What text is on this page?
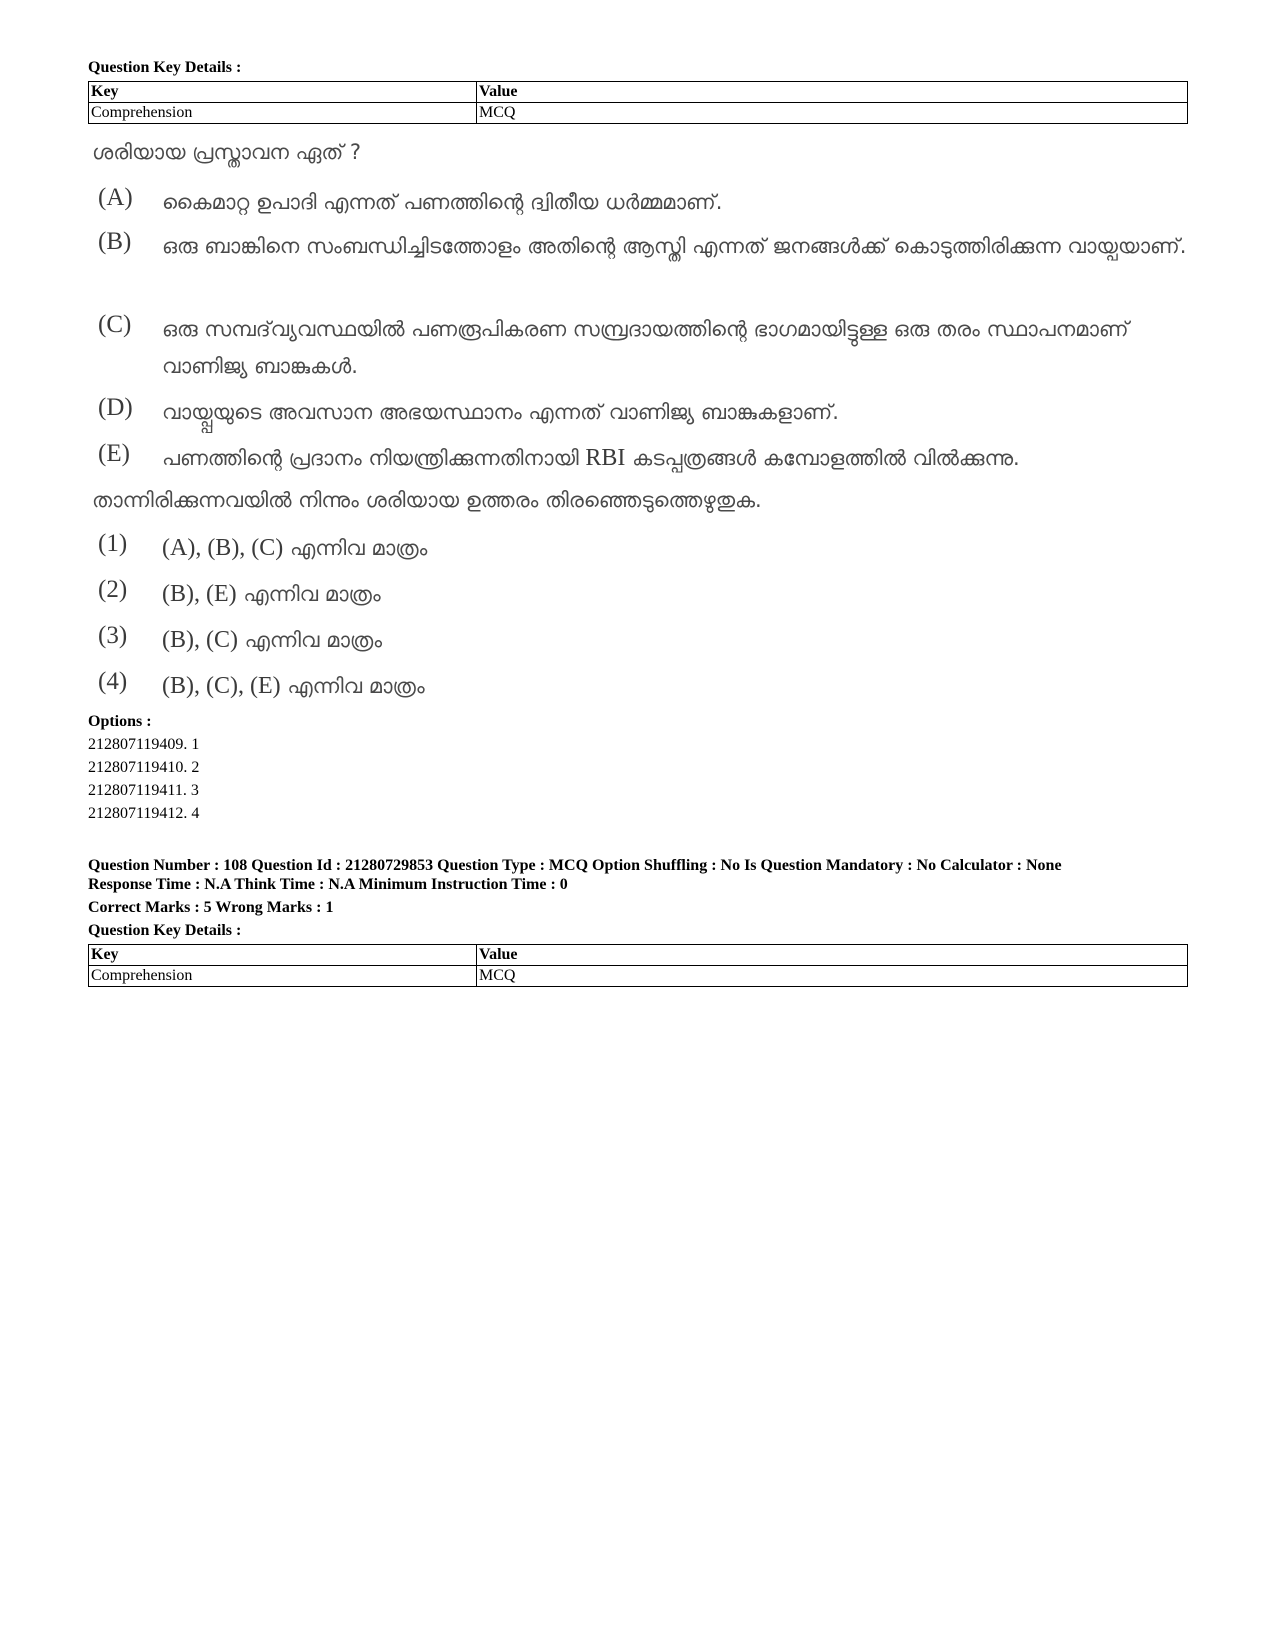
Question Key Details :
Key	Value
Comprehension	MCQ
ശരിയായ പ്രസ്താവന ഏത് ?
(A)	കൈമാറ്റ ഉപാദി എന്നത് പണത്തിന്റെ ദ്വിതീയ ധർമ്മമാണ്.
(B)	ഒരു ബാങ്കിനെ സംബന്ധിച്ചിടത്തോളം അതിന്റെ ആസ്തി എന്നത് ജനങ്ങൾക്ക് കൊടുത്തിരിക്കുന്ന വായ്പയാണ്.
(C)	ഒരു സമ്പദ്‌വ്യവസ്ഥയിൽ പണരൂപികരണ സമ്പ്രദായത്തിന്റെ ഭാഗമായിട്ടുള്ള ഒരു തരം സ്ഥാപനമാണ് വാണിജ്യ ബാങ്കുകൾ.
(D)	വായ്പ്പയുടെ അവസാന അഭയസ്ഥാനം എന്നത് വാണിജ്യ ബാങ്കുകളാണ്.
(E)	പണത്തിന്റെ പ്രദാനം നിയന്ത്രിക്കുന്നതിനായി RBI കടപ്പത്രങ്ങൾ കമ്പോളത്തിൽ വിൽക്കുന്നു.
താന്നിരിക്കുന്നവയിൽ നിന്നും ശരിയായ ഉത്തരം തിരഞ്ഞെടുത്തെഴുതുക.
(1)	(A), (B), (C) എന്നിവ മാത്രം
(2)	(B), (E) എന്നിവ മാത്രം
(3)	(B), (C) എന്നിവ മാത്രം
(4)	(B), (C), (E) എന്നിവ മാത്രം
Options :
212807119409. 1
212807119410. 2
212807119411. 3
212807119412. 4
Question Number : 108 Question Id : 21280729853 Question Type : MCQ Option Shuffling : No Is Question Mandatory : No Calculator : None
Response Time : N.A Think Time : N.A Minimum Instruction Time : 0
Correct Marks : 5 Wrong Marks : 1
Question Key Details :
Key	Value
Comprehension	MCQ
